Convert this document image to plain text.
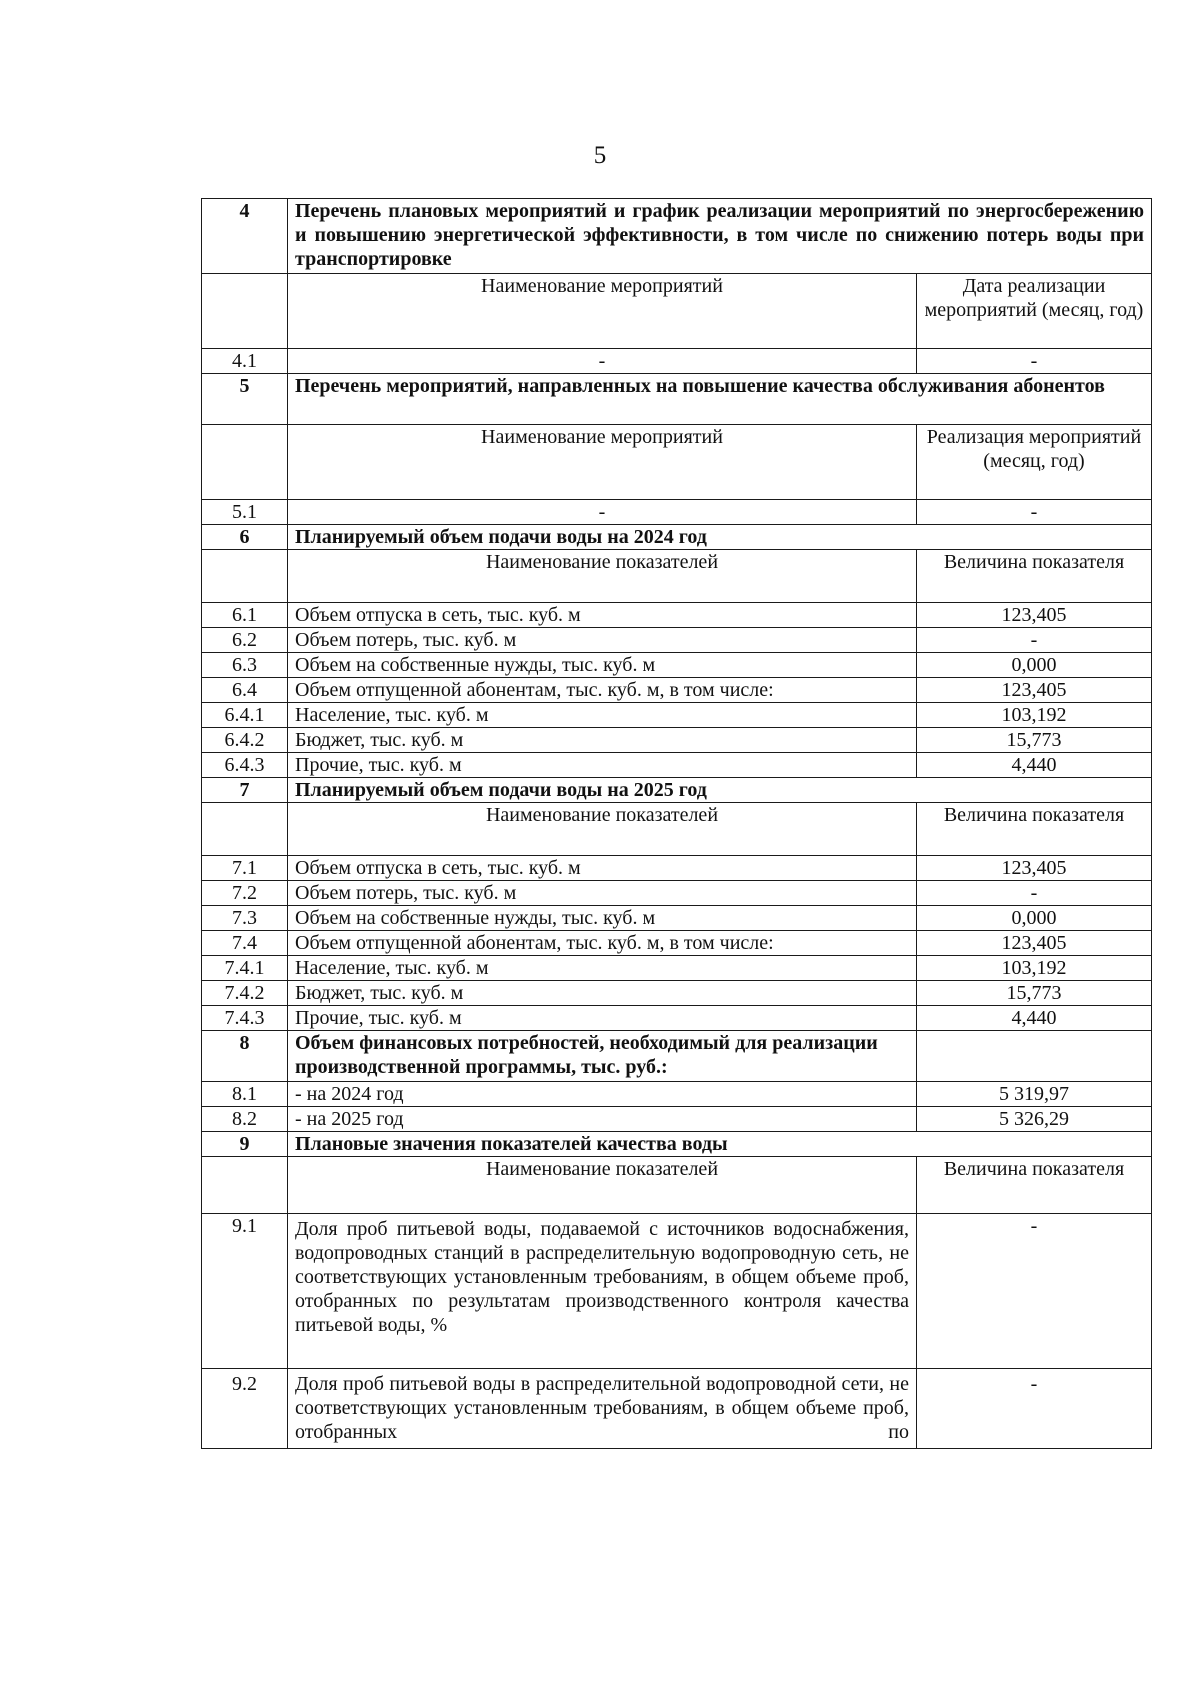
5
4	Перечень плановых мероприятий и график реализации мероприятий по энергосбережению и повышению энергетической эффективности, в том числе по снижению потерь воды при транспортировке	
	Наименование мероприятий	Дата реализации мероприятий (месяц, год)
4.1	-	-
5	Перечень мероприятий, направленных на повышение качества обслуживания абонентов	
	Наименование мероприятий	Реализация мероприятий (месяц, год)
5.1	-	-
6	Планируемый объем подачи воды на 2024 год	
	Наименование показателей	Величина показателя
6.1	Объем отпуска в сеть, тыс. куб. м	123,405
6.2	Объем потерь, тыс. куб. м	-
6.3	Объем на собственные нужды, тыс. куб. м	0,000
6.4	Объем отпущенной абонентам, тыс. куб. м, в том числе:	123,405
6.4.1	Население, тыс. куб. м	103,192
6.4.2	Бюджет, тыс. куб. м	15,773
6.4.3	Прочие, тыс. куб. м	4,440
7	Планируемый объем подачи воды на 2025 год	
	Наименование показателей	Величина показателя
7.1	Объем отпуска в сеть, тыс. куб. м	123,405
7.2	Объем потерь, тыс. куб. м	-
7.3	Объем на собственные нужды, тыс. куб. м	0,000
7.4	Объем отпущенной абонентам, тыс. куб. м, в том числе:	123,405
7.4.1	Население, тыс. куб. м	103,192
7.4.2	Бюджет, тыс. куб. м	15,773
7.4.3	Прочие, тыс. куб. м	4,440
8	Объем финансовых потребностей, необходимый для реализации производственной программы, тыс. руб.:	
8.1	- на 2024 год	5 319,97
8.2	- на 2025 год	5 326,29
9	Плановые значения показателей качества воды	
	Наименование показателей	Величина показателя
9.1	Доля проб питьевой воды, подаваемой с источников водоснабжения, водопроводных станций в распределительную водопроводную сеть, не соответствующих установленным требованиям, в общем объеме проб, отобранных по результатам производственного контроля качества питьевой воды, %	-
9.2	Доля проб питьевой воды в распределительной водопроводной сети, не соответствующих установленным требованиям, в общем объеме проб, отобранных по	-
